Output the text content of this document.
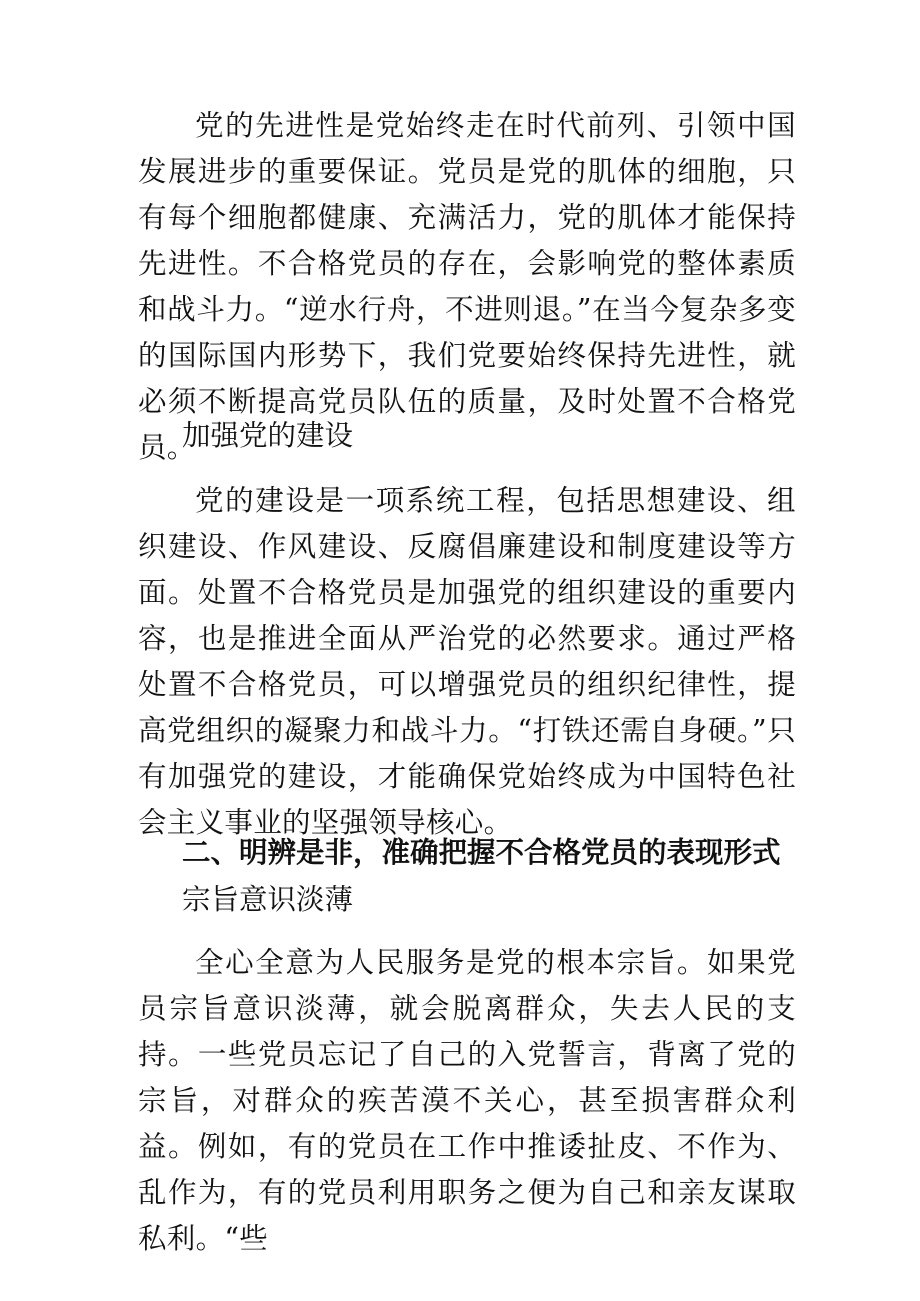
党的先进性是党始终走在时代前列、引领中国发展进步的重要保证。党员是党的肌体的细胞，只有每个细胞都健康、充满活力，党的肌体才能保持先进性。不合格党员的存在，会影响党的整体素质和战斗力。“逆水行舟，不进则退。”在当今复杂多变的国际国内形势下，我们党要始终保持先进性，就必须不断提高党员队伍的质量，及时处置不合格党员。

加强党的建设

党的建设是一项系统工程，包括思想建设、组织建设、作风建设、反腐倡廉建设和制度建设等方面。处置不合格党员是加强党的组织建设的重要内容，也是推进全面从严治党的必然要求。通过严格处置不合格党员，可以增强党员的组织纪律性，提高党组织的凝聚力和战斗力。“打铁还需自身硬。”只有加强党的建设，才能确保党始终成为中国特色社会主义事业的坚强领导核心。

二、明辨是非，准确把握不合格党员的表现形式

宗旨意识淡薄

全心全意为人民服务是党的根本宗旨。如果党员宗旨意识淡薄，就会脱离群众，失去人民的支持。一些党员忘记了自己的入党誓言，背离了党的宗旨，对群众的疾苦漠不关心，甚至损害群众利益。例如，有的党员在工作中推诿扯皮、不作为、乱作为，有的党员利用职务之便为自己和亲友谋取私利。“些
